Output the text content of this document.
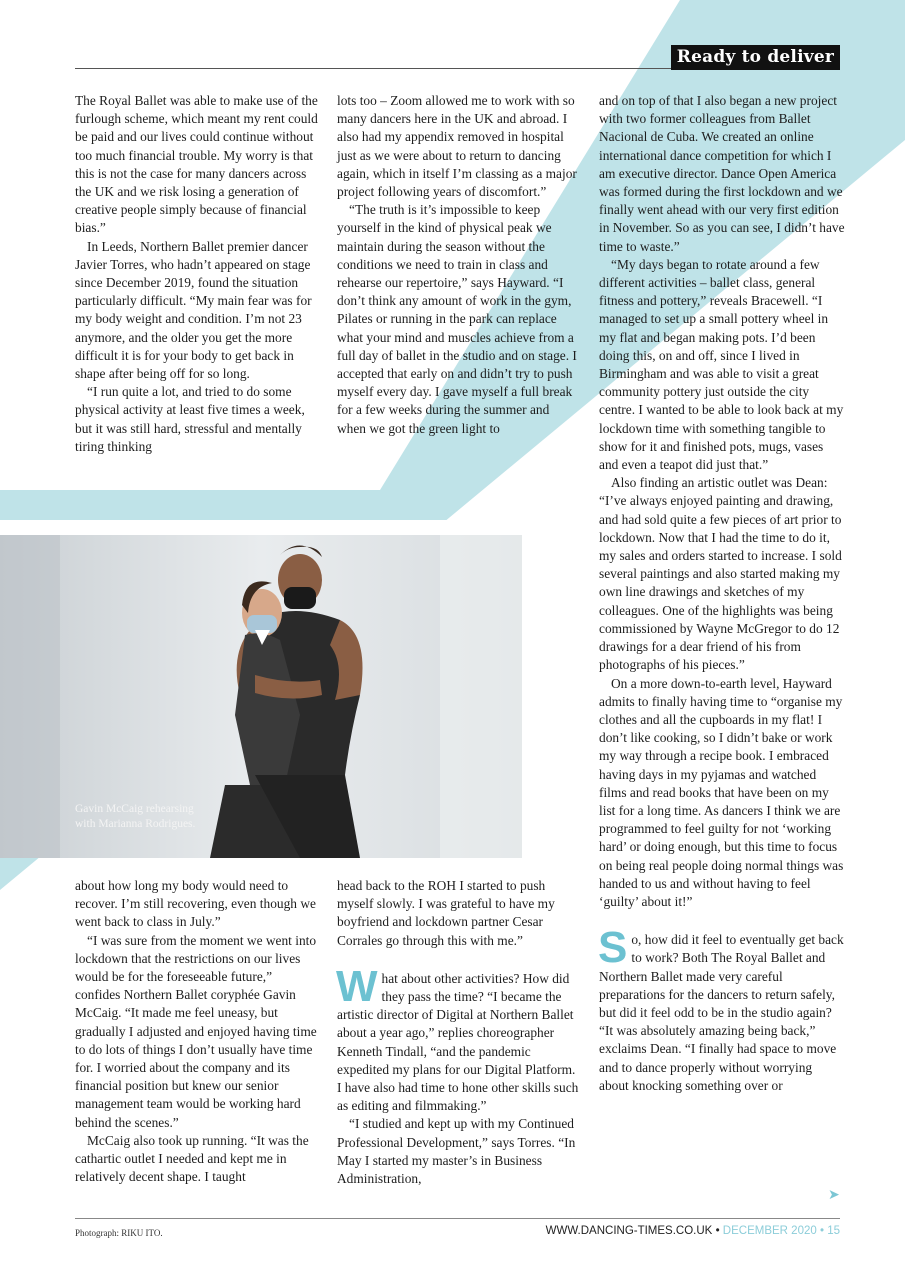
Ready to deliver

The Royal Ballet was able to make use of the furlough scheme, which meant my rent could be paid and our lives could continue without too much financial trouble. My worry is that this is not the case for many dancers across the UK and we risk losing a generation of creative people simply because of financial bias.”

In Leeds, Northern Ballet premier dancer Javier Torres, who hadn’t appeared on stage since December 2019, found the situation particularly difficult. “My main fear was for my body weight and condition. I’m not 23 anymore, and the older you get the more difficult it is for your body to get back in shape after being off for so long.

“I run quite a lot, and tried to do some physical activity at least five times a week, but it was still hard, stressful and mentally tiring thinking

lots too – Zoom allowed me to work with so many dancers here in the UK and abroad. I also had my appendix removed in hospital just as we were about to return to dancing again, which in itself I’m classing as a major project following years of discomfort.”

“The truth is it’s impossible to keep yourself in the kind of physical peak we maintain during the season without the conditions we need to train in class and rehearse our repertoire,” says Hayward. “I don’t think any amount of work in the gym, Pilates or running in the park can replace what your mind and muscles achieve from a full day of ballet in the studio and on stage. I accepted that early on and didn’t try to push myself every day. I gave myself a full break for a few weeks during the summer and when we got the green light to

and on top of that I also began a new project with two former colleagues from Ballet Nacional de Cuba. We created an online international dance competition for which I am executive director. Dance Open America was formed during the first lockdown and we finally went ahead with our very first edition in November. So as you can see, I didn’t have time to waste.”

“My days began to rotate around a few different activities – ballet class, general fitness and pottery,” reveals Bracewell. “I managed to set up a small pottery wheel in my flat and began making pots. I’d been doing this, on and off, since I lived in Birmingham and was able to visit a great community pottery just outside the city centre. I wanted to be able to look back at my lockdown time with something tangible to show for it and finished pots, mugs, vases and even a teapot did just that.”

Also finding an artistic outlet was Dean: “I’ve always enjoyed painting and drawing, and had sold quite a few pieces of art prior to lockdown. Now that I had the time to do it, my sales and orders started to increase. I sold several paintings and also started making my own line drawings and sketches of my colleagues. One of the highlights was being commissioned by Wayne McGregor to do 12 drawings for a dear friend of his from photographs of his pieces.”

On a more down-to-earth level, Hayward admits to finally having time to “organise my clothes and all the cupboards in my flat! I don’t like cooking, so I didn’t bake or work my way through a recipe book. I embraced having days in my pyjamas and watched films and read books that have been on my list for a long time. As dancers I think we are programmed to feel guilty for not ‘working hard’ or doing enough, but this time to focus on being real people doing normal things was handed to us and without having to feel ‘guilty’ about it!”

So, how did it feel to eventually get back to work? Both The Royal Ballet and Northern Ballet made very careful preparations for the dancers to return safely, but did it feel odd to be in the studio again? “It was absolutely amazing being back,” exclaims Dean. “I finally had space to move and to dance properly without worrying about knocking something over or

Gavin McCaig rehearsing
with Marianna Rodrigues.

about how long my body would need to recover. I’m still recovering, even though we went back to class in July.”

“I was sure from the moment we went into lockdown that the restrictions on our lives would be for the foreseeable future,” confides Northern Ballet coryphée Gavin McCaig. “It made me feel uneasy, but gradually I adjusted and enjoyed having time to do lots of things I don’t usually have time for. I worried about the company and its financial position but knew our senior management team would be working hard behind the scenes.”

McCaig also took up running. “It was the cathartic outlet I needed and kept me in relatively decent shape. I taught

head back to the ROH I started to push myself slowly. I was grateful to have my boyfriend and lockdown partner Cesar Corrales go through this with me.”

What about other activities? How did they pass the time? “I became the artistic director of Digital at Northern Ballet about a year ago,” replies choreographer Kenneth Tindall, “and the pandemic expedited my plans for our Digital Platform. I have also had time to hone other skills such as editing and filmmaking.”

“I studied and kept up with my Continued Professional Development,” says Torres. “In May I started my master’s in Business Administration,

➤
Photograph: RIKU ITO.	WWW.DANCING-TIMES.CO.UK • DECEMBER 2020 • 15
